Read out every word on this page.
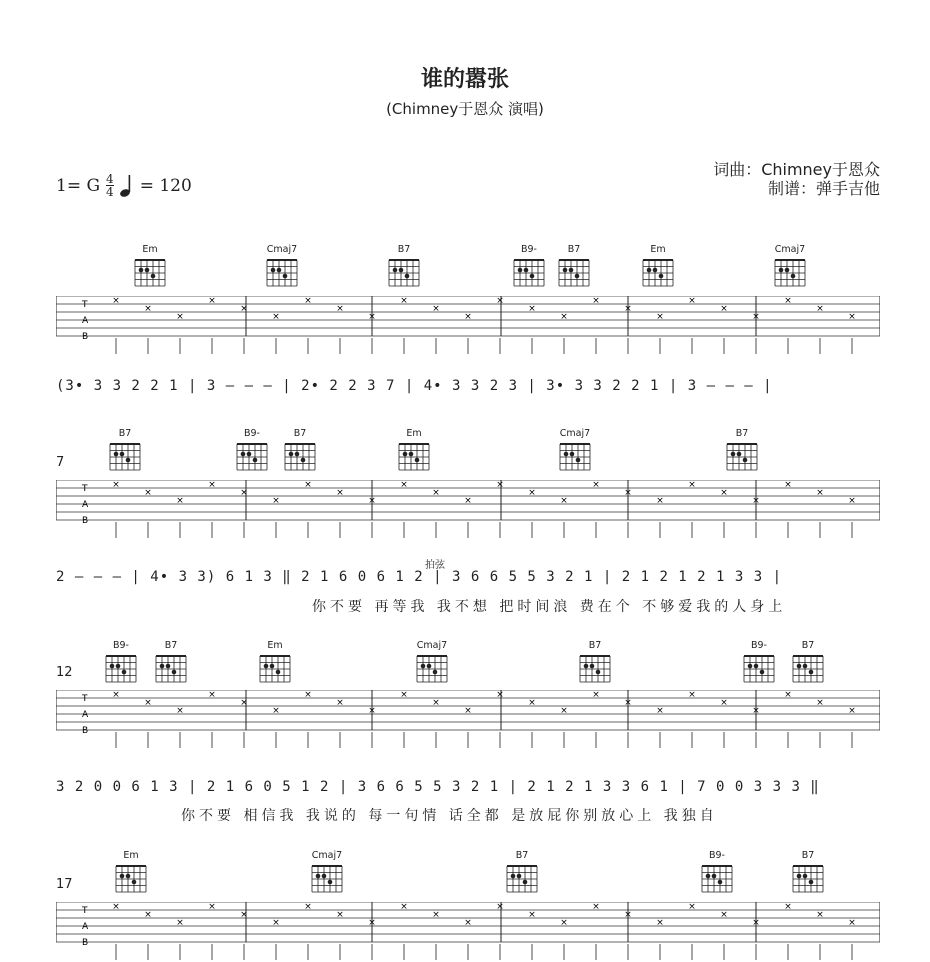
谁的嚣张
(Chimney于恩众 演唱)
1= G $\frac{4}{4} = 120$
词曲：Chimney于恩众
制谱：弹手吉他
Em	Cmaj7	B7	B9-	B7	Em	Cmaj7
T
A
B
×
×
×
×
×
×
×
×
×
×
×
×
×
×
×
×
×
×
×
×
×
×
×
×
(3• 3 3 2 2 1 | 3 – – – | 2• 2 2 3 7 | 4• 3 3 2 3 | 3• 3 3 2 2 1 | 3 – – – |
7
B7	B9-	B7	Em	Cmaj7	B7
T
A
B
×
×
×
×
×
×
×
×
×
×
×
×
×
×
×
×
×
×
×
×
×
×
×
×
拍弦
2 – – – | 4• 3 3) 6 1 3 ‖ 2 1 6 0 6 1 2 | 3 6 6 5 5 3 2 1 | 2 1 2 1 2 1 3 3 |
你不要 再等我 我不想 把时间浪 费在个 不够爱我的人身上
12
B9-	B7	Em	Cmaj7	B7	B9-	B7
T
A
B
×
×
×
×
×
×
×
×
×
×
×
×
×
×
×
×
×
×
×
×
×
×
×
×
3 2 0 0 6 1 3 | 2 1 6 0 5 1 2 | 3 6 6 5 5 3 2 1 | 2 1 2 1 3 3 6 1 | 7 0 0 3 3 3 ‖
你不要 相信我 我说的 每一句情 话全都 是放屁你别放心上 我独自
17
Em	Cmaj7	B7	B9-	B7
T
A
B
×
×
×
×
×
×
×
×
×
×
×
×
×
×
×
×
×
×
×
×
×
×
×
×
